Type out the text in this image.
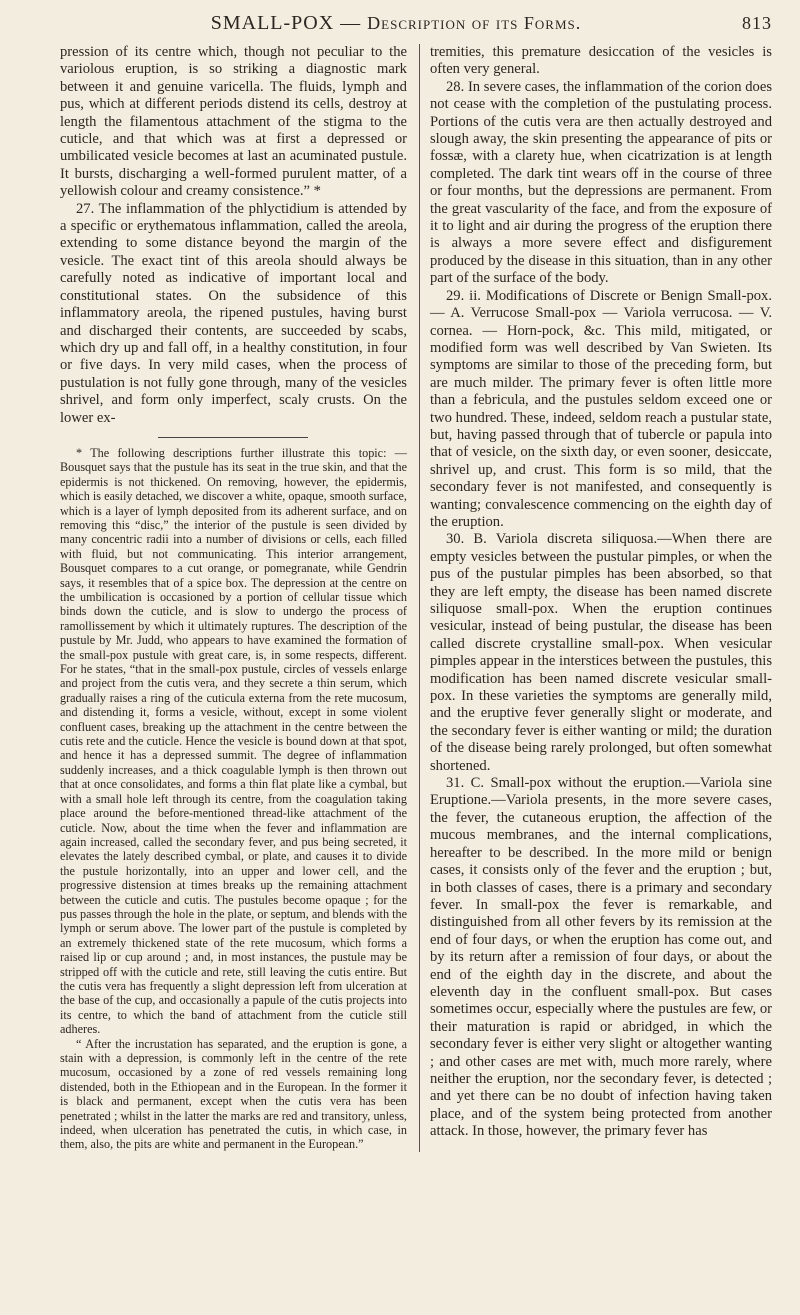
SMALL-POX — Description of its Forms.	813

pression of its centre which, though not peculiar to the variolous eruption, is so striking a diagnostic mark between it and genuine varicella. The fluids, lymph and pus, which at different periods distend its cells, destroy at length the filamentous attachment of the stigma to the cuticle, and that which was at first a depressed or umbilicated vesicle becomes at last an acuminated pustule. It bursts, discharging a well-formed purulent matter, of a yellowish colour and creamy consistence.” *

27. The inflammation of the phlyctidium is attended by a specific or erythematous inflammation, called the areola, extending to some distance beyond the margin of the vesicle. The exact tint of this areola should always be carefully noted as indicative of important local and constitutional states. On the subsidence of this inflammatory areola, the ripened pustules, having burst and discharged their contents, are succeeded by scabs, which dry up and fall off, in a healthy constitution, in four or five days. In very mild cases, when the process of pustulation is not fully gone through, many of the vesicles shrivel, and form only imperfect, scaly crusts. On the lower ex-

* The following descriptions further illustrate this topic: — Bousquet says that the pustule has its seat in the true skin, and that the epidermis is not thickened. On removing, however, the epidermis, which is easily detached, we discover a white, opaque, smooth surface, which is a layer of lymph deposited from its adherent surface, and on removing this “disc,” the interior of the pustule is seen divided by many concentric radii into a number of divisions or cells, each filled with fluid, but not communicating. This interior arrangement, Bousquet compares to a cut orange, or pomegranate, while Gendrin says, it resembles that of a spice box. The depression at the centre on the umbilication is occasioned by a portion of cellular tissue which binds down the cuticle, and is slow to undergo the process of ramollissement by which it ultimately ruptures. The description of the pustule by Mr. Judd, who appears to have examined the formation of the small-pox pustule with great care, is, in some respects, different. For he states, “that in the small-pox pustule, circles of vessels enlarge and project from the cutis vera, and they secrete a thin serum, which gradually raises a ring of the cuticula externa from the rete mucosum, and distending it, forms a vesicle, without, except in some violent confluent cases, breaking up the attachment in the centre between the cutis rete and the cuticle. Hence the vesicle is bound down at that spot, and hence it has a depressed summit. The degree of inflammation suddenly increases, and a thick coagulable lymph is then thrown out that at once consolidates, and forms a thin flat plate like a cymbal, but with a small hole left through its centre, from the coagulation taking place around the before-mentioned thread-like attachment of the cuticle. Now, about the time when the fever and inflammation are again increased, called the secondary fever, and pus being secreted, it elevates the lately described cymbal, or plate, and causes it to divide the pustule horizontally, into an upper and lower cell, and the progressive distension at times breaks up the remaining attachment between the cuticle and cutis. The pustules become opaque ; for the pus passes through the hole in the plate, or septum, and blends with the lymph or serum above. The lower part of the pustule is completed by an extremely thickened state of the rete mucosum, which forms a raised lip or cup around ; and, in most instances, the pustule may be stripped off with the cuticle and rete, still leaving the cutis entire. But the cutis vera has frequently a slight depression left from ulceration at the base of the cup, and occasionally a papule of the cutis projects into its centre, to which the band of attachment from the cuticle still adheres.

“ After the incrustation has separated, and the eruption is gone, a stain with a depression, is commonly left in the centre of the rete mucosum, occasioned by a zone of red vessels remaining long distended, both in the Ethiopean and in the European. In the former it is black and permanent, except when the cutis vera has been penetrated ; whilst in the latter the marks are red and transitory, unless, indeed, when ulceration has penetrated the cutis, in which case, in them, also, the pits are white and permanent in the European.”

tremities, this premature desiccation of the vesicles is often very general.

28. In severe cases, the inflammation of the corion does not cease with the completion of the pustulating process. Portions of the cutis vera are then actually destroyed and slough away, the skin presenting the appearance of pits or fossæ, with a clarety hue, when cicatrization is at length completed. The dark tint wears off in the course of three or four months, but the depressions are permanent. From the great vascularity of the face, and from the exposure of it to light and air during the progress of the eruption there is always a more severe effect and disfigurement produced by the disease in this situation, than in any other part of the surface of the body.

29. ii. Modifications of Discrete or Benign Small-pox. — A. Verrucose Small-pox — Variola verrucosa. — V. cornea. — Horn-pock, &c. This mild, mitigated, or modified form was well described by Van Swieten. Its symptoms are similar to those of the preceding form, but are much milder. The primary fever is often little more than a febricula, and the pustules seldom exceed one or two hundred. These, indeed, seldom reach a pustular state, but, having passed through that of tubercle or papula into that of vesicle, on the sixth day, or even sooner, desiccate, shrivel up, and crust. This form is so mild, that the secondary fever is not manifested, and consequently is wanting; convalescence commencing on the eighth day of the eruption.

30. B. Variola discreta siliquosa.—When there are empty vesicles between the pustular pimples, or when the pus of the pustular pimples has been absorbed, so that they are left empty, the disease has been named discrete siliquose small-pox. When the eruption continues vesicular, instead of being pustular, the disease has been called discrete crystalline small-pox. When vesicular pimples appear in the interstices between the pustules, this modification has been named discrete vesicular small-pox. In these varieties the symptoms are generally mild, and the eruptive fever generally slight or moderate, and the secondary fever is either wanting or mild; the duration of the disease being rarely prolonged, but often somewhat shortened.

31. C. Small-pox without the eruption.—Variola sine Eruptione.—Variola presents, in the more severe cases, the fever, the cutaneous eruption, the affection of the mucous membranes, and the internal complications, hereafter to be described. In the more mild or benign cases, it consists only of the fever and the eruption ; but, in both classes of cases, there is a primary and secondary fever. In small-pox the fever is remarkable, and distinguished from all other fevers by its remission at the end of four days, or when the eruption has come out, and by its return after a remission of four days, or about the end of the eighth day in the discrete, and about the eleventh day in the confluent small-pox. But cases sometimes occur, especially where the pustules are few, or their maturation is rapid or abridged, in which the secondary fever is either very slight or altogether wanting ; and other cases are met with, much more rarely, where neither the eruption, nor the secondary fever, is detected ; and yet there can be no doubt of infection having taken place, and of the system being protected from another attack. In those, however, the primary fever has
